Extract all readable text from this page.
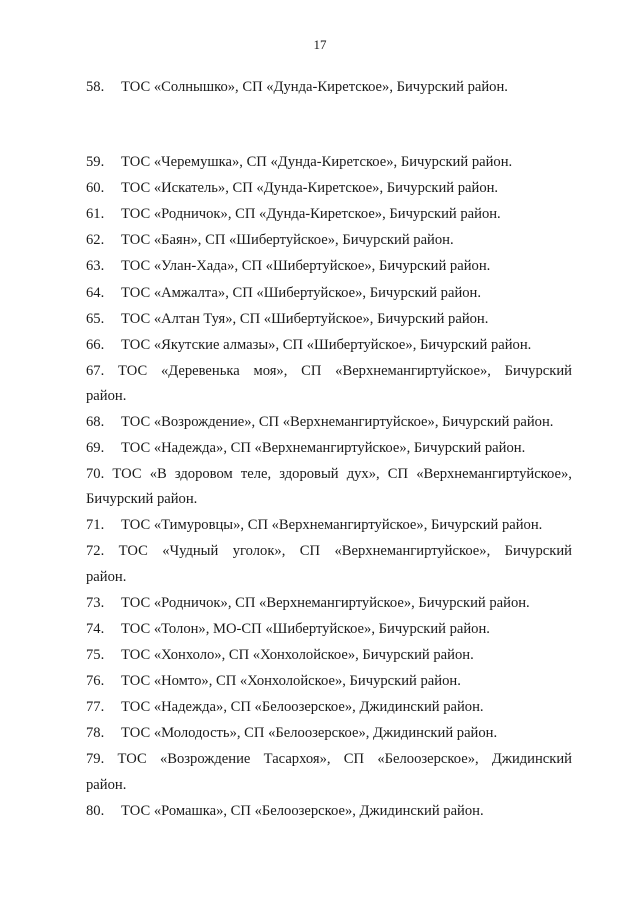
17
58. ТОС «Солнышко», СП «Дунда-Киретское», Бичурский район.
59. ТОС «Черемушка», СП «Дунда-Киретское», Бичурский район.
60. ТОС «Искатель», СП «Дунда-Киретское», Бичурский район.
61. ТОС «Родничок», СП «Дунда-Киретское», Бичурский район.
62. ТОС «Баян», СП «Шибертуйское», Бичурский район.
63. ТОС «Улан-Хада», СП «Шибертуйское», Бичурский район.
64. ТОС «Амжалта», СП «Шибертуйское», Бичурский район.
65. ТОС «Алтан Туя», СП «Шибертуйское», Бичурский район.
66. ТОС «Якутские алмазы», СП «Шибертуйское», Бичурский район.
67. ТОС «Деревенька моя», СП «Верхнемангиртуйское», Бичурский
район.
68. ТОС «Возрождение», СП «Верхнемангиртуйское», Бичурский район.
69. ТОС «Надежда», СП «Верхнемангиртуйское», Бичурский район.
70. ТОС «В здоровом теле, здоровый дух», СП «Верхнемангиртуйское»,
Бичурский район.
71. ТОС «Тимуровцы», СП «Верхнемангиртуйское», Бичурский район.
72. ТОС «Чудный уголок», СП «Верхнемангиртуйское», Бичурский
район.
73. ТОС «Родничок», СП «Верхнемангиртуйское», Бичурский район.
74. ТОС «Толон», МО-СП «Шибертуйское», Бичурский район.
75. ТОС «Хонхоло», СП «Хонхолойское», Бичурский район.
76. ТОС «Номто», СП «Хонхолойское», Бичурский район.
77. ТОС «Надежда», СП «Белоозерское», Джидинский район.
78. ТОС «Молодость», СП «Белоозерское», Джидинский район.
79. ТОС «Возрождение Тасархоя», СП «Белоозерское», Джидинский
район.
80. ТОС «Ромашка», СП «Белоозерское», Джидинский район.
